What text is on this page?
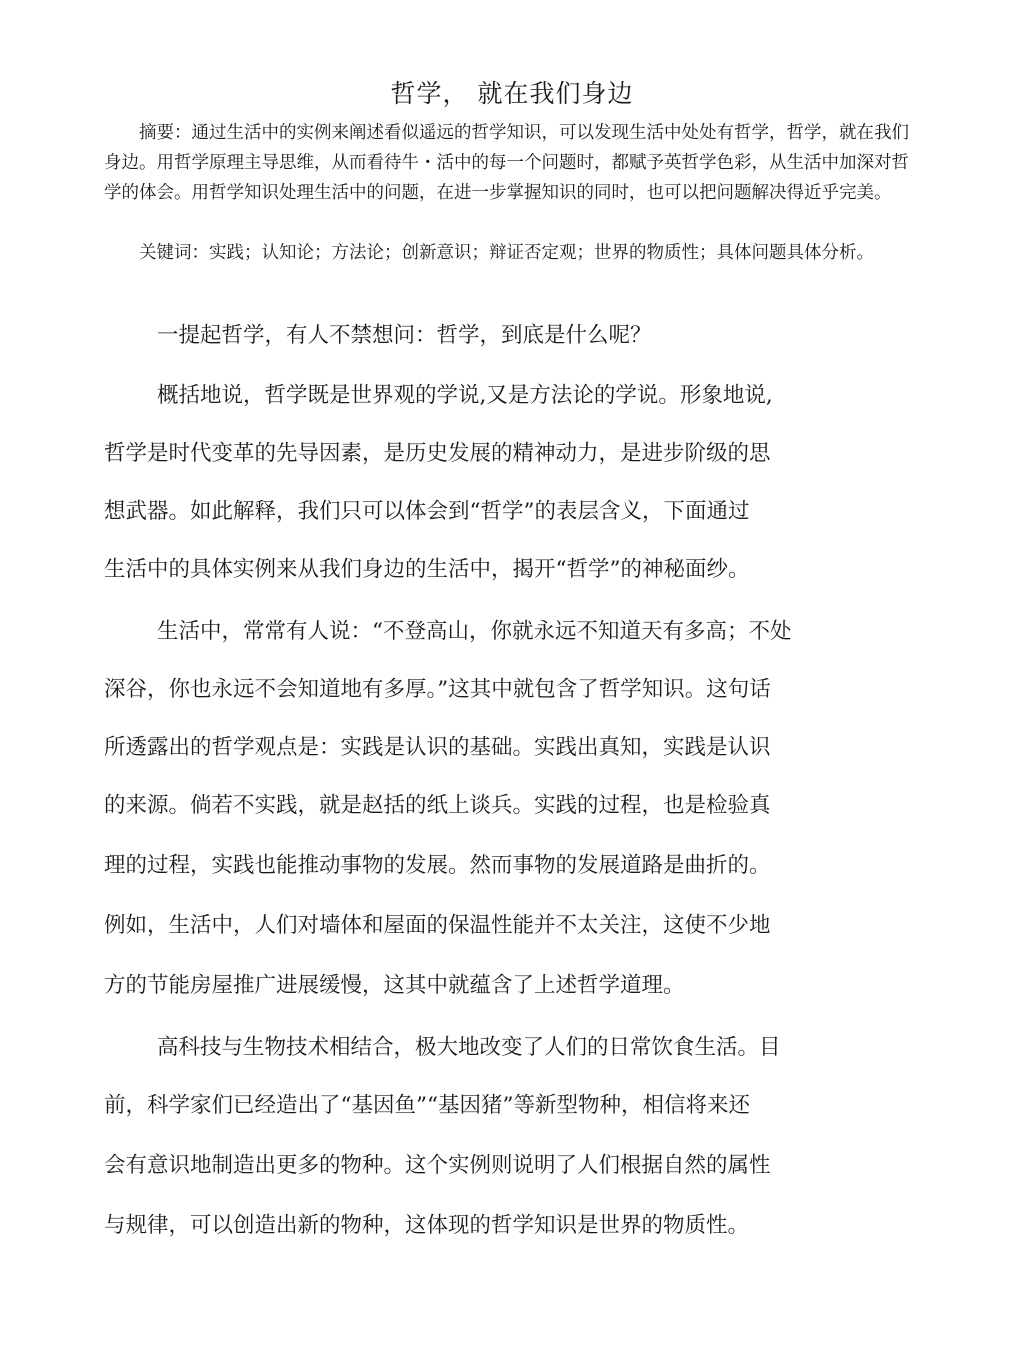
哲学， 就在我们身边

摘要：通过生活中的实例来阐述看似遥远的哲学知识，可以发现生活中处处有哲学，哲学，就在我们身边。用哲学原理主导思维，从而看待牛・活中的每一个问题时，都赋予英哲学色彩，从生活中加深对哲学的体会。用哲学知识处理生活中的问题，在进一步掌握知识的同时，也可以把问题解决得近乎完美。

关键词：实践；认知论；方法论；创新意识；辩证否定观；世界的物质性；具体问题具体分析。

一提起哲学，有人不禁想问：哲学，到底是什么呢？

概括地说，哲学既是世界观的学说,又是方法论的学说。形象地说,

哲学是时代变革的先导因素，是历史发展的精神动力，是进步阶级的思

想武器。如此解释，我们只可以体会到“哲学”的表层含义，下面通过

生活中的具体实例来从我们身边的生活中，揭开“哲学”的神秘面纱。

生活中，常常有人说：“不登高山，你就永远不知道天有多高；不处

深谷，你也永远不会知道地有多厚。”这其中就包含了哲学知识。这句话

所透露出的哲学观点是：实践是认识的基础。实践出真知，实践是认识

的来源。倘若不实践，就是赵括的纸上谈兵。实践的过程，也是检验真

理的过程，实践也能推动事物的发展。然而事物的发展道路是曲折的。

例如，生活中，人们对墙体和屋面的保温性能并不太关注，这使不少地

方的节能房屋推广进展缓慢，这其中就蕴含了上述哲学道理。

高科技与生物技术相结合，极大地改变了人们的日常饮食生活。目

前，科学家们已经造出了“基因鱼”“基因猪”等新型物种，相信将来还

会有意识地制造出更多的物种。这个实例则说明了人们根据自然的属性

与规律，可以创造出新的物种，这体现的哲学知识是世界的物质性。
